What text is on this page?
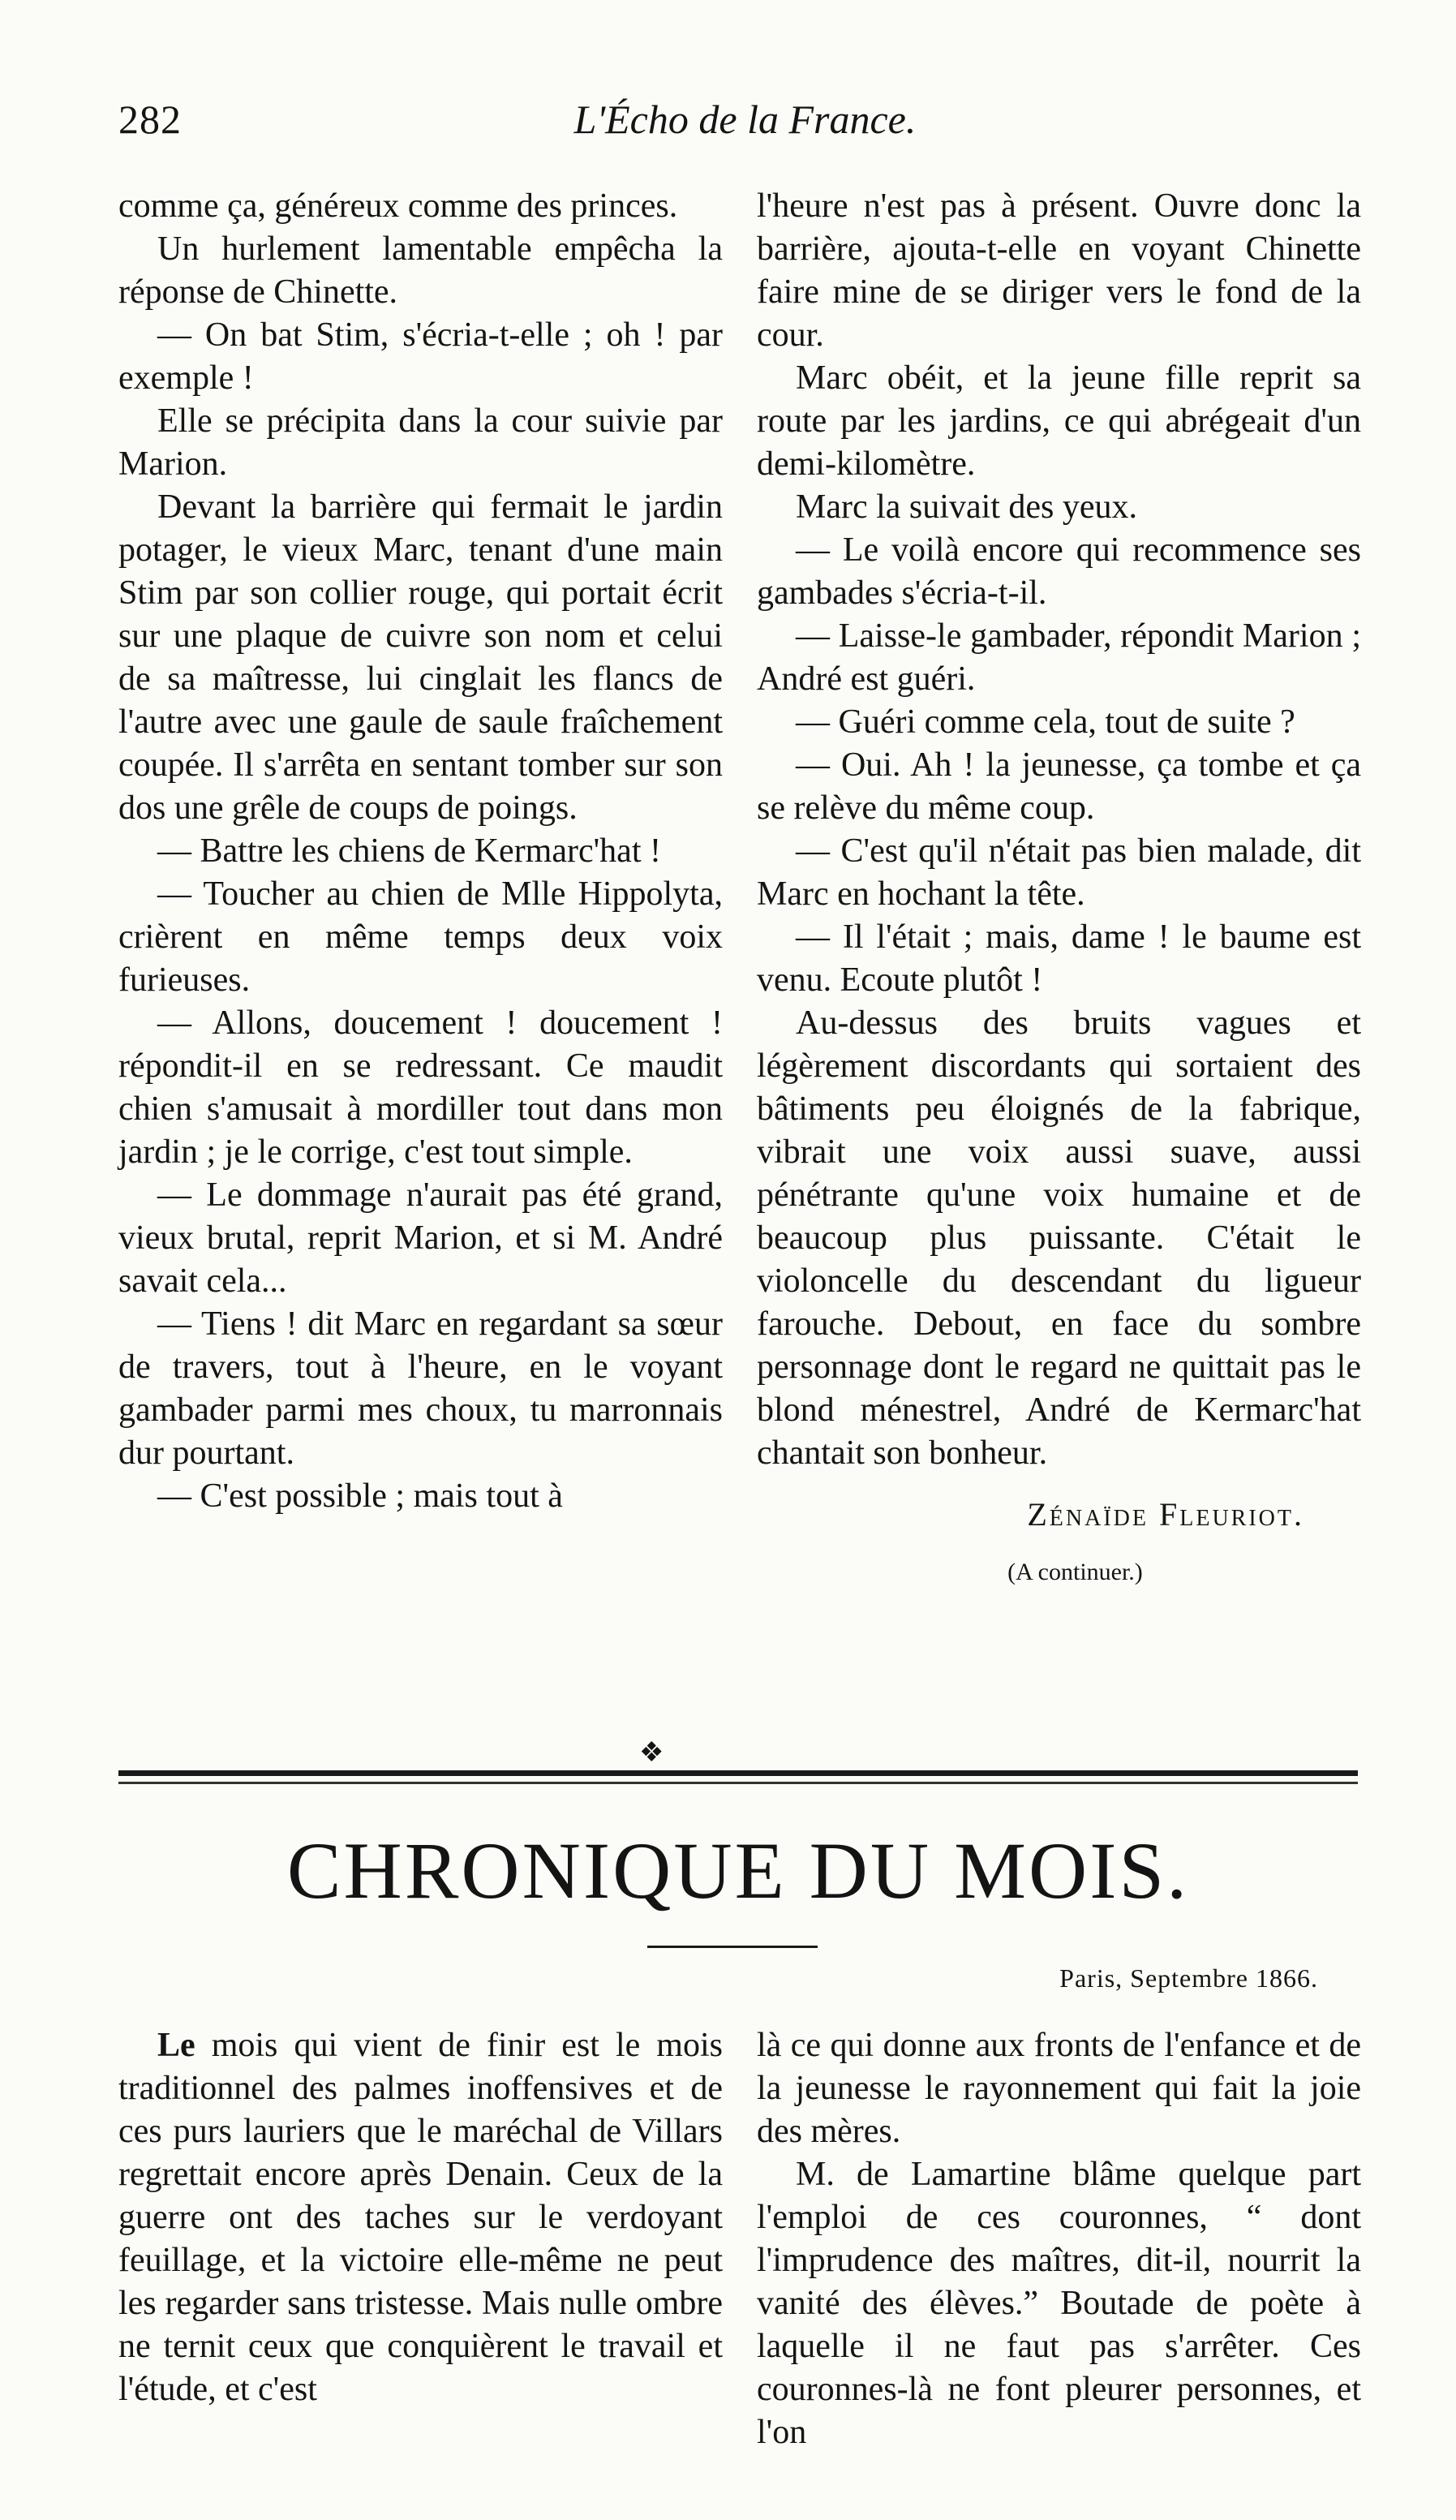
282	L'Écho de la France.

comme ça, généreux comme des princes.

Un hurlement lamentable empêcha la réponse de Chinette.

— On bat Stim, s'écria-t-elle ; oh ! par exemple !

Elle se précipita dans la cour suivie par Marion.

Devant la barrière qui fermait le jardin potager, le vieux Marc, tenant d'une main Stim par son collier rouge, qui portait écrit sur une plaque de cuivre son nom et celui de sa maîtresse, lui cinglait les flancs de l'autre avec une gaule de saule fraîchement coupée. Il s'arrêta en sentant tomber sur son dos une grêle de coups de poings.

— Battre les chiens de Kermarc'hat !

— Toucher au chien de Mlle Hippolyta, crièrent en même temps deux voix furieuses.

— Allons, doucement ! doucement ! répondit-il en se redressant. Ce maudit chien s'amusait à mordiller tout dans mon jardin ; je le corrige, c'est tout simple.

— Le dommage n'aurait pas été grand, vieux brutal, reprit Marion, et si M. André savait cela...

— Tiens ! dit Marc en regardant sa sœur de travers, tout à l'heure, en le voyant gambader parmi mes choux, tu marronnais dur pourtant.

— C'est possible ; mais tout à

l'heure n'est pas à présent. Ouvre donc la barrière, ajouta-t-elle en voyant Chinette faire mine de se diriger vers le fond de la cour.

Marc obéit, et la jeune fille reprit sa route par les jardins, ce qui abrégeait d'un demi-kilomètre.

Marc la suivait des yeux.

— Le voilà encore qui recommence ses gambades s'écria-t-il.

— Laisse-le gambader, répondit Marion ; André est guéri.

— Guéri comme cela, tout de suite ?

— Oui. Ah ! la jeunesse, ça tombe et ça se relève du même coup.

— C'est qu'il n'était pas bien malade, dit Marc en hochant la tête.

— Il l'était ; mais, dame ! le baume est venu. Ecoute plutôt !

Au-dessus des bruits vagues et légèrement discordants qui sortaient des bâtiments peu éloignés de la fabrique, vibrait une voix aussi suave, aussi pénétrante qu'une voix humaine et de beaucoup plus puissante. C'était le violoncelle du descendant du ligueur farouche. Debout, en face du sombre personnage dont le regard ne quittait pas le blond ménestrel, André de Kermarc'hat chantait son bonheur.

Zénaïde Fleuriot.
(A continuer.)
❖
CHRONIQUE DU MOIS.
Paris, Septembre 1866.

Le mois qui vient de finir est le mois traditionnel des palmes inoffensives et de ces purs lauriers que le maréchal de Villars regrettait encore après Denain. Ceux de la guerre ont des taches sur le verdoyant feuillage, et la victoire elle-même ne peut les regarder sans tristesse. Mais nulle ombre ne ternit ceux que conquièrent le travail et l'étude, et c'est

là ce qui donne aux fronts de l'enfance et de la jeunesse le rayonnement qui fait la joie des mères.

M. de Lamartine blâme quelque part l'emploi de ces couronnes, “ dont l'imprudence des maîtres, dit-il, nourrit la vanité des élèves.” Boutade de poète à laquelle il ne faut pas s'arrêter. Ces couronnes-là ne font pleurer personnes, et l'on
